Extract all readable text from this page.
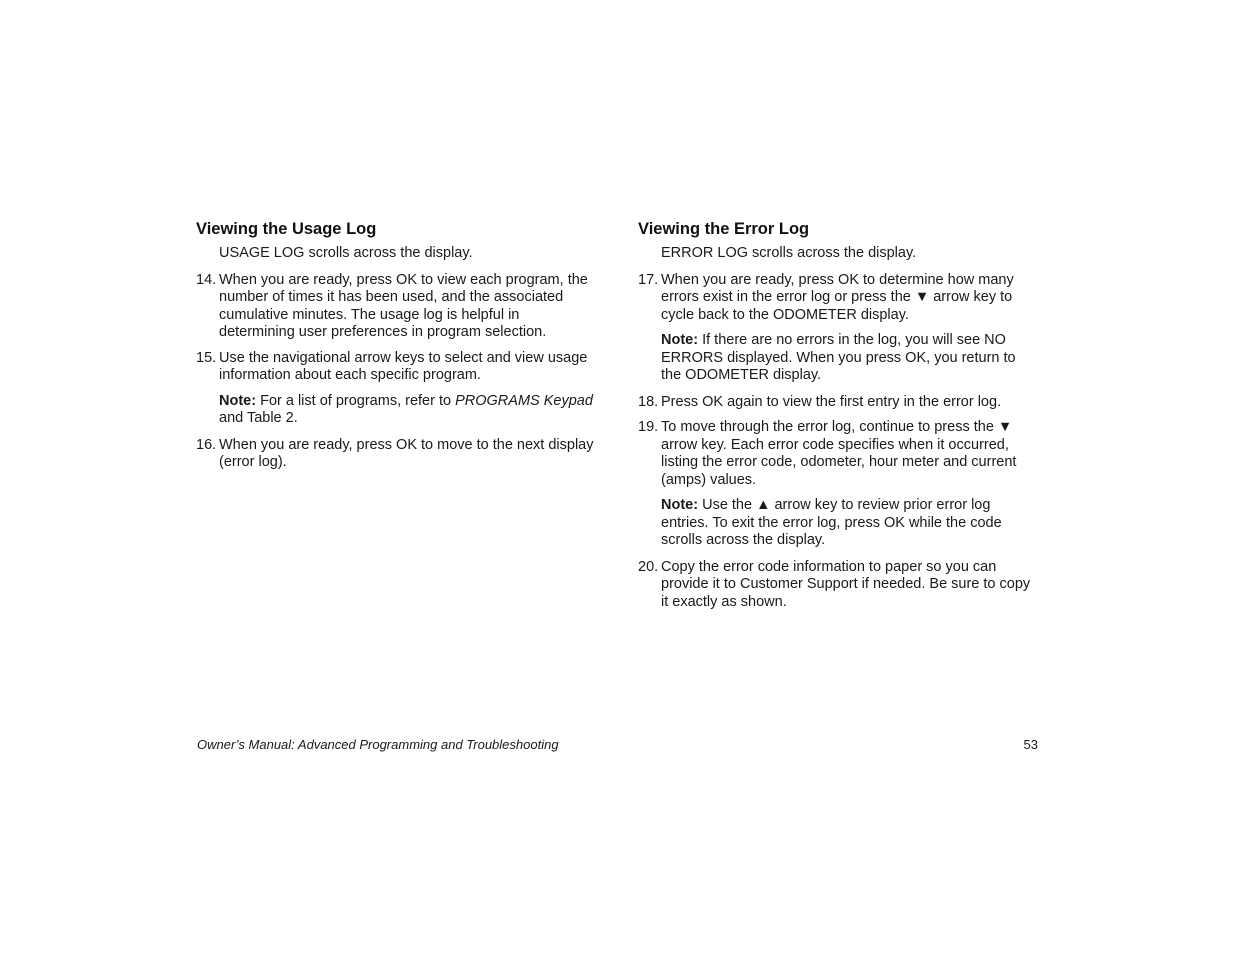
Viewing the Usage Log

USAGE LOG scrolls across the display.

14. When you are ready, press OK to view each program, the number of times it has been used, and the associated cumulative minutes. The usage log is helpful in determining user preferences in program selection.
15. Use the navigational arrow keys to select and view usage information about each specific program.

Note: For a list of programs, refer to PROGRAMS Keypad and Table 2.

16. When you are ready, press OK to move to the next display (error log).
Viewing the Error Log

ERROR LOG scrolls across the display.

17. When you are ready, press OK to determine how many errors exist in the error log or press the ▼ arrow key to cycle back to the ODOMETER display.

Note: If there are no errors in the log, you will see NO ERRORS displayed. When you press OK, you return to the ODOMETER display.

18. Press OK again to view the first entry in the error log.
19. To move through the error log, continue to press the ▼ arrow key. Each error code specifies when it occurred, listing the error code, odometer, hour meter and current (amps) values.

Note: Use the ▲ arrow key to review prior error log entries. To exit the error log, press OK while the code scrolls across the display.

20. Copy the error code information to paper so you can provide it to Customer Support if needed. Be sure to copy it exactly as shown.
Owner’s Manual: Advanced Programming and Troubleshooting	53
